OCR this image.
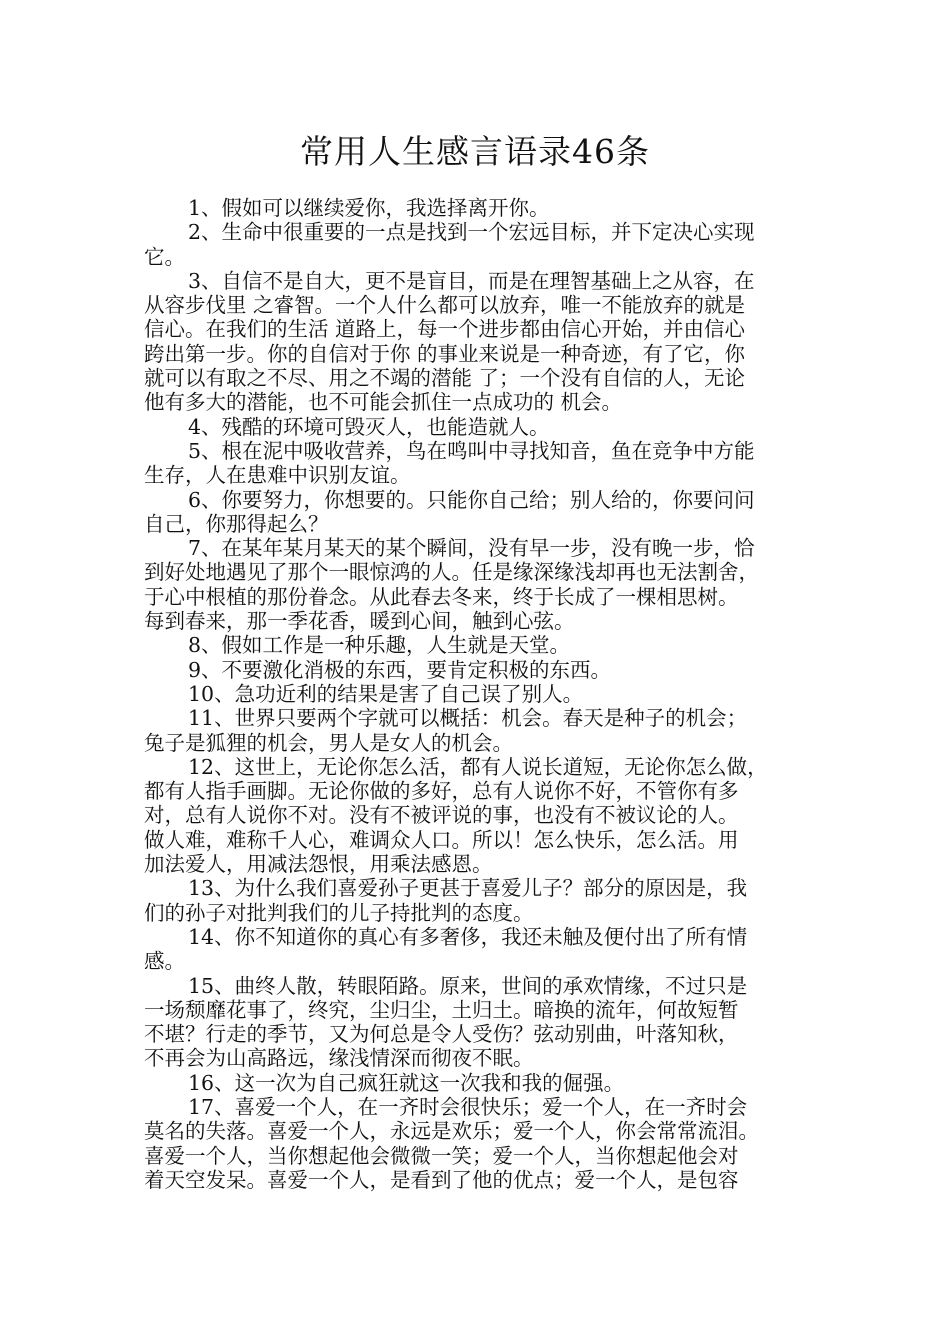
常用人生感言语录46条
1、假如可以继续爱你，我选择离开你。
2、生命中很重要的一点是找到一个宏远目标，并下定决心实现
它。
3、自信不是自大，更不是盲目，而是在理智基础上之从容，在
从容步伐里 之睿智。一个人什么都可以放弃，唯一不能放弃的就是
信心。在我们的生活 道路上，每一个进步都由信心开始，并由信心
跨出第一步。你的自信对于你 的事业来说是一种奇迹，有了它，你
就可以有取之不尽、用之不竭的潜能 了；一个没有自信的人，无论
他有多大的潜能，也不可能会抓住一点成功的 机会。
4、残酷的环境可毁灭人，也能造就人。
5、根在泥中吸收营养，鸟在鸣叫中寻找知音，鱼在竞争中方能
生存，人在患难中识别友谊。
6、你要努力，你想要的。只能你自己给；别人给的，你要问问
自己，你那得起么？
7、在某年某月某天的某个瞬间，没有早一步，没有晚一步，恰
到好处地遇见了那个一眼惊鸿的人。任是缘深缘浅却再也无法割舍，
于心中根植的那份眷念。从此春去冬来，终于长成了一棵相思树。
每到春来，那一季花香，暖到心间，触到心弦。
8、假如工作是一种乐趣，人生就是天堂。
9、不要激化消极的东西，要肯定积极的东西。
10、急功近利的结果是害了自己误了别人。
11、世界只要两个字就可以概括：机会。春天是种子的机会；
兔子是狐狸的机会，男人是女人的机会。
12、这世上，无论你怎么活，都有人说长道短，无论你怎么做，
都有人指手画脚。无论你做的多好，总有人说你不好，不管你有多
对，总有人说你不对。没有不被评说的事，也没有不被议论的人。
做人难，难称千人心，难调众人口。所以！怎么快乐，怎么活。用
加法爱人，用减法怨恨，用乘法感恩。
13、为什么我们喜爱孙子更甚于喜爱儿子？部分的原因是，我
们的孙子对批判我们的儿子持批判的态度。
14、你不知道你的真心有多奢侈，我还未触及便付出了所有情
感。
15、曲终人散，转眼陌路。原来，世间的承欢情缘，不过只是
一场颓靡花事了，终究，尘归尘，土归土。暗换的流年，何故短暂
不堪？行走的季节，又为何总是令人受伤？弦动别曲，叶落知秋，
不再会为山高路远，缘浅情深而彻夜不眠。
16、这一次为自己疯狂就这一次我和我的倔强。
17、喜爱一个人，在一齐时会很快乐；爱一个人，在一齐时会
莫名的失落。喜爱一个人，永远是欢乐；爱一个人，你会常常流泪。
喜爱一个人，当你想起他会微微一笑；爱一个人，当你想起他会对
着天空发呆。喜爱一个人，是看到了他的优点；爱一个人，是包容
